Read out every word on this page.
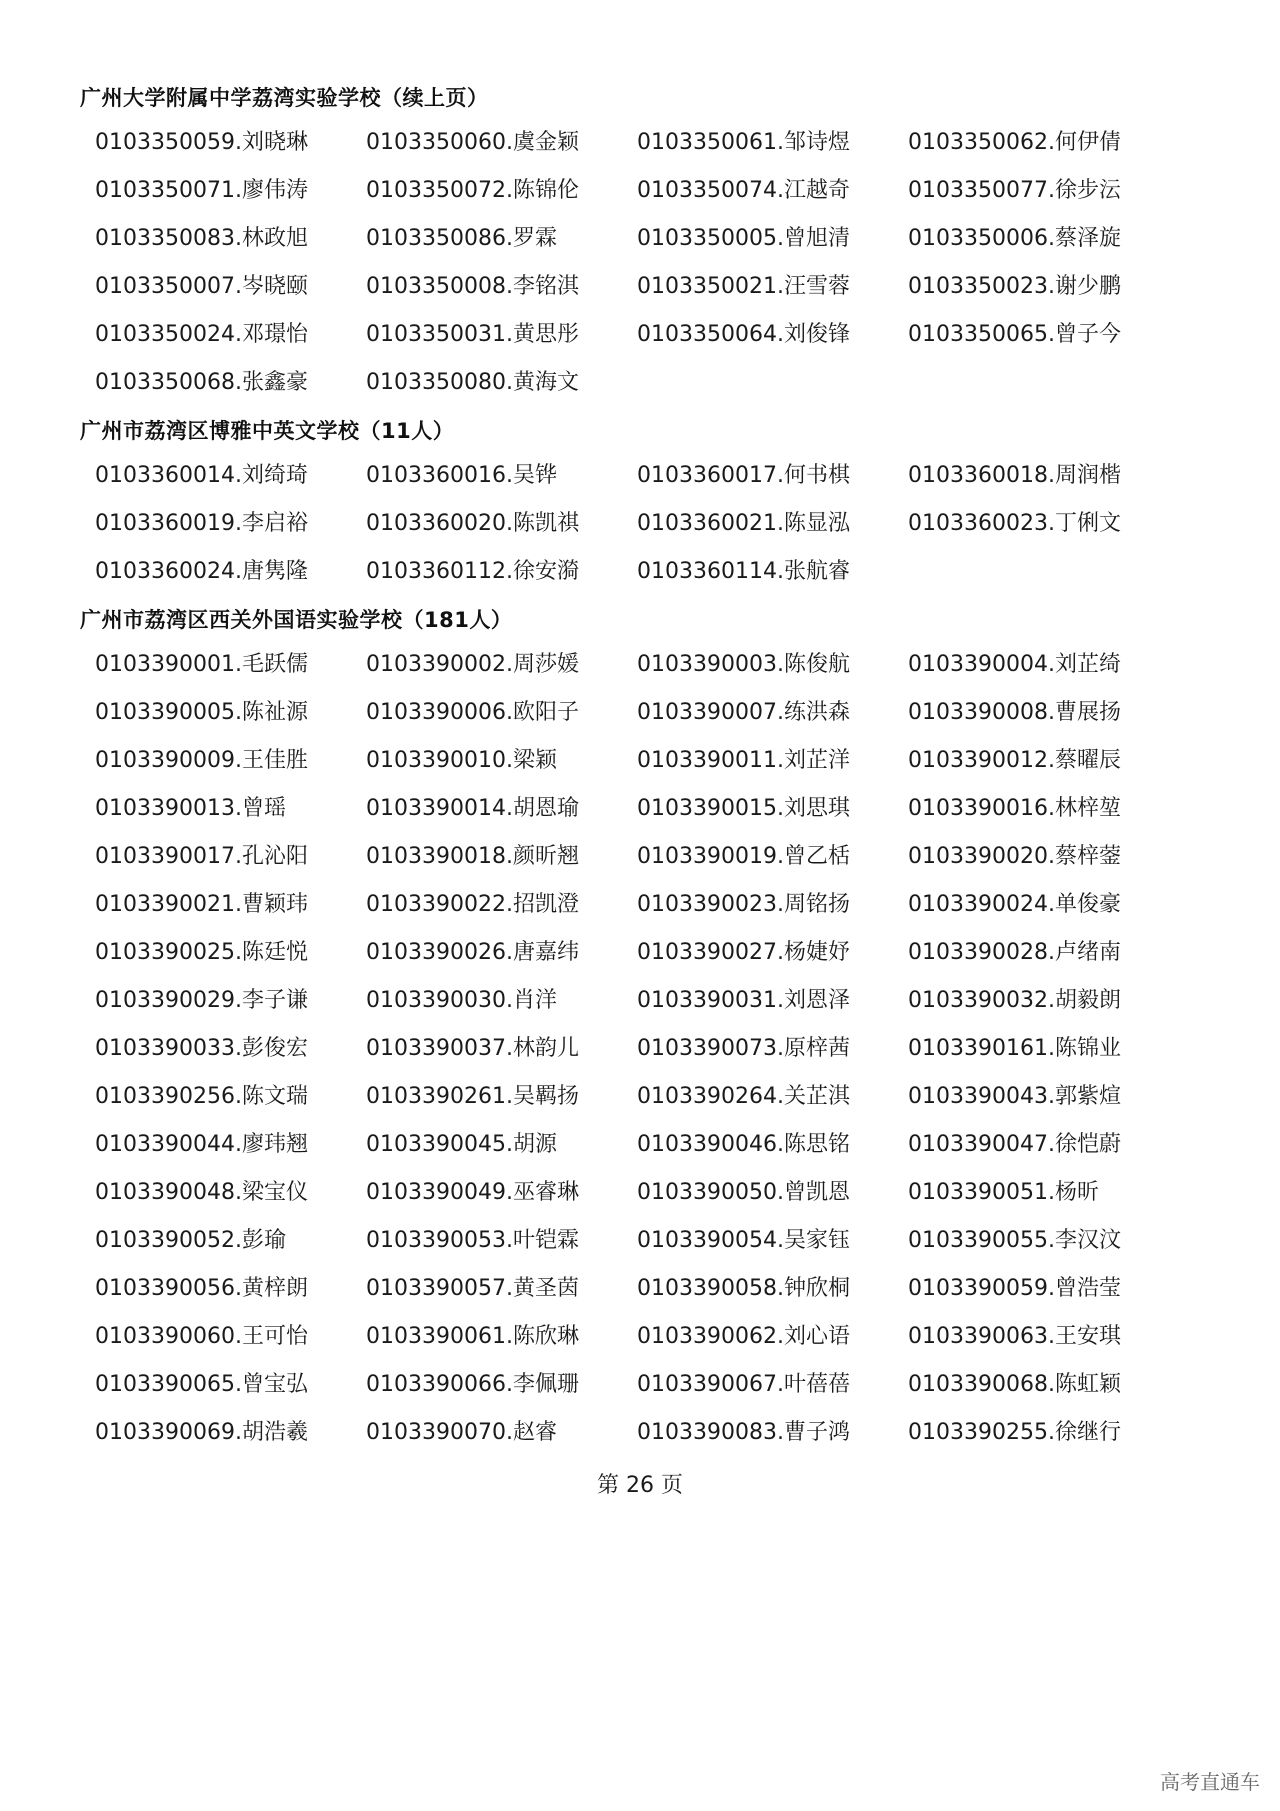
广州大学附属中学荔湾实验学校（续上页）
0103350059.刘晓琳	0103350060.虞金颖	0103350061.邹诗煜	0103350062.何伊倩
0103350071.廖伟涛	0103350072.陈锦伦	0103350074.江越奇	0103350077.徐步沄
0103350083.林政旭	0103350086.罗霖	0103350005.曾旭清	0103350006.蔡泽旋
0103350007.岑晓颐	0103350008.李铭淇	0103350021.汪雪蓉	0103350023.谢少鹏
0103350024.邓璟怡	0103350031.黄思彤	0103350064.刘俊锋	0103350065.曾子今
0103350068.张鑫豪	0103350080.黄海文
广州市荔湾区博雅中英文学校（11人）
0103360014.刘绮琦	0103360016.吴铧	0103360017.何书棋	0103360018.周润楷
0103360019.李启裕	0103360020.陈凯祺	0103360021.陈显泓	0103360023.丁俐文
0103360024.唐隽隆	0103360112.徐安漪	0103360114.张航睿
广州市荔湾区西关外国语实验学校（181人）
0103390001.毛跃儒	0103390002.周莎媛	0103390003.陈俊航	0103390004.刘芷绮
0103390005.陈祉源	0103390006.欧阳子	0103390007.练洪森	0103390008.曹展扬
0103390009.王佳胜	0103390010.梁颖	0103390011.刘芷洋	0103390012.蔡曜辰
0103390013.曾瑶	0103390014.胡恩瑜	0103390015.刘思琪	0103390016.林梓堃
0103390017.孔沁阳	0103390018.颜昕翘	0103390019.曾乙栝	0103390020.蔡梓蓥
0103390021.曹颖玮	0103390022.招凯澄	0103390023.周铭扬	0103390024.单俊豪
0103390025.陈廷悦	0103390026.唐嘉纬	0103390027.杨婕妤	0103390028.卢绪南
0103390029.李子谦	0103390030.肖洋	0103390031.刘恩泽	0103390032.胡毅朗
0103390033.彭俊宏	0103390037.林韵儿	0103390073.原梓茜	0103390161.陈锦业
0103390256.陈文瑞	0103390261.吴羁扬	0103390264.关芷淇	0103390043.郭紫煊
0103390044.廖玮翘	0103390045.胡源	0103390046.陈思铭	0103390047.徐恺蔚
0103390048.梁宝仪	0103390049.巫睿琳	0103390050.曾凯恩	0103390051.杨昕
0103390052.彭瑜	0103390053.叶铠霖	0103390054.吴家钰	0103390055.李汉汶
0103390056.黄梓朗	0103390057.黄圣茵	0103390058.钟欣桐	0103390059.曾浩莹
0103390060.王可怡	0103390061.陈欣琳	0103390062.刘心语	0103390063.王安琪
0103390065.曾宝弘	0103390066.李佩珊	0103390067.叶蓓蓓	0103390068.陈虹颖
0103390069.胡浩羲	0103390070.赵睿	0103390083.曹子鸿	0103390255.徐继行
第 26 页
高考直通车
